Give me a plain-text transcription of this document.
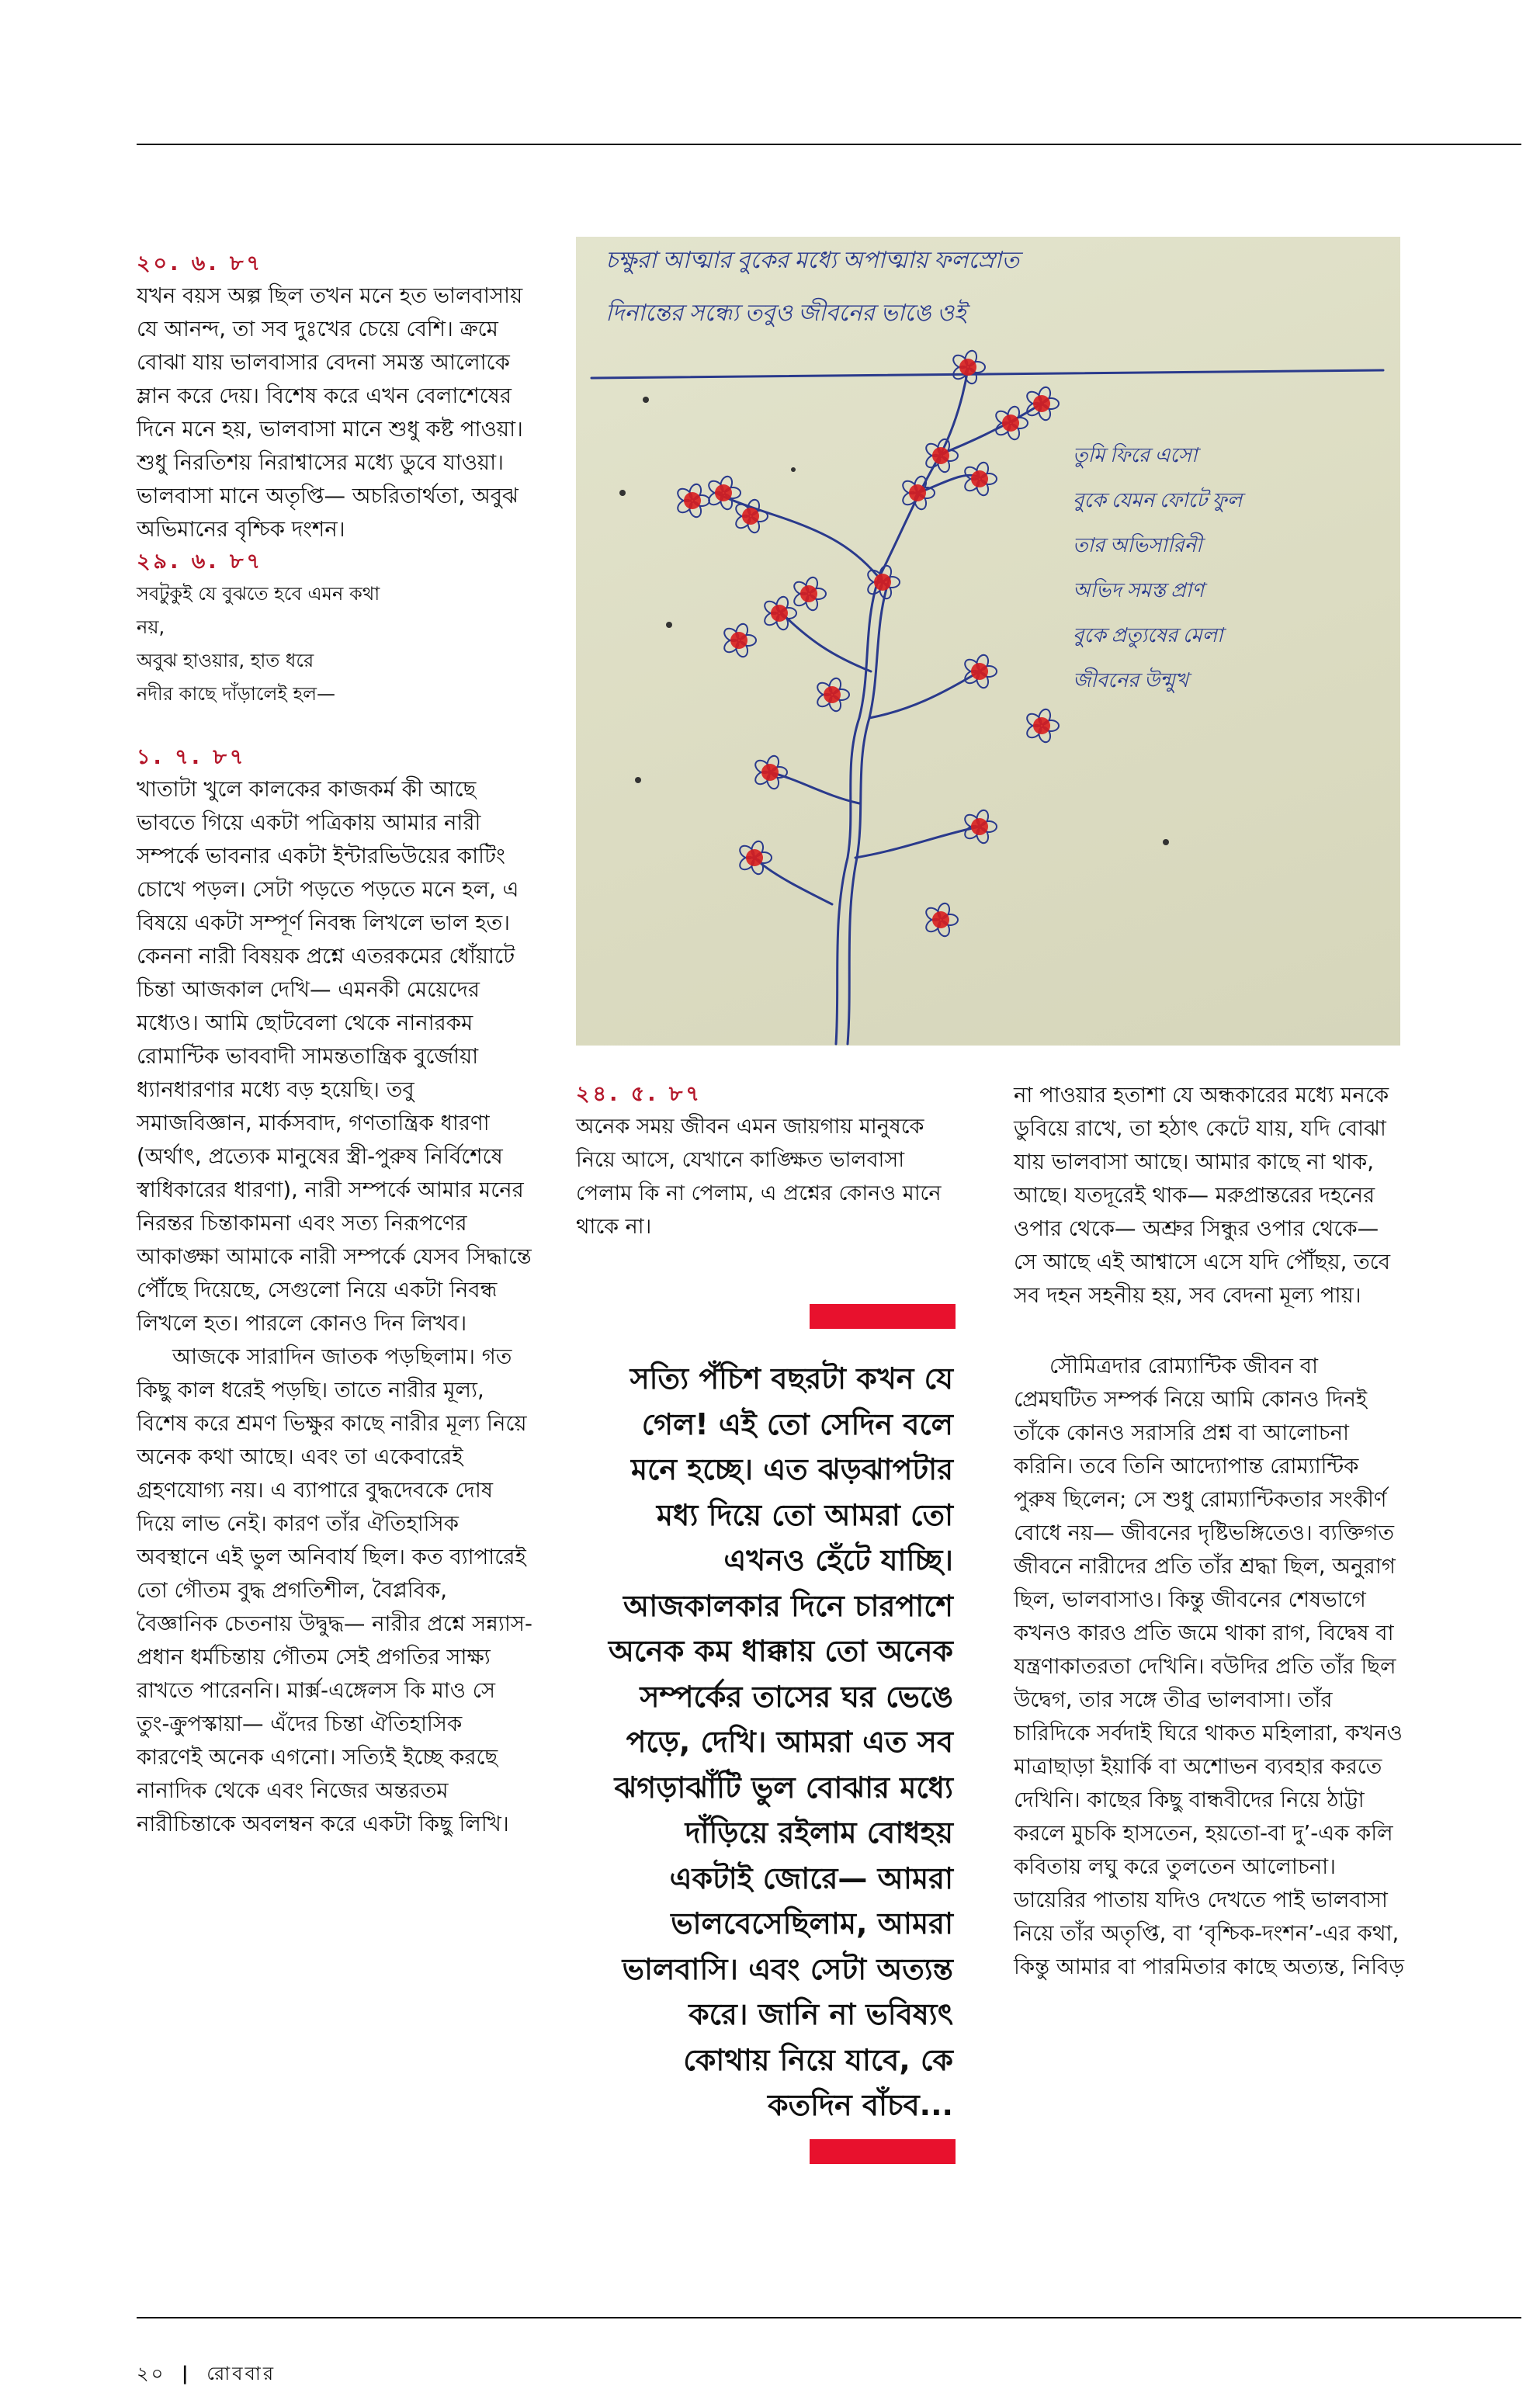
২০. ৬. ৮৭

যখন বয়স অল্প ছিল তখন মনে হত ভালবাসায় যে আনন্দ, তা সব দুঃখের চেয়ে বেশি। ক্রমে বোঝা যায় ভালবাসার বেদনা সমস্ত আলোকে ম্লান করে দেয়। বিশেষ করে এখন বেলাশেষের দিনে মনে হয়, ভালবাসা মানে শুধু কষ্ট পাওয়া। শুধু নিরতিশয় নিরাশ্বাসের মধ্যে ডুবে যাওয়া। ভালবাসা মানে অতৃপ্তি— অচরিতার্থতা, অবুঝ অভিমানের বৃশ্চিক দংশন।

২৯. ৬. ৮৭

সবটুকুই যে বুঝতে হবে এমন কথা

নয়,

অবুঝ হাওয়ার, হাত ধরে

নদীর কাছে দাঁড়ালেই হল—

১. ৭. ৮৭

খাতাটা খুলে কালকের কাজকর্ম কী আছে ভাবতে গিয়ে একটা পত্রিকায় আমার নারী সম্পর্কে ভাবনার একটা ইন্টারভিউয়ের কাটিং চোখে পড়ল। সেটা পড়তে পড়তে মনে হল, এ বিষয়ে একটা সম্পূর্ণ নিবন্ধ লিখলে ভাল হত। কেননা নারী বিষয়ক প্রশ্নে এতরকমের ধোঁয়াটে চিন্তা আজকাল দেখি— এমনকী মেয়েদের মধ্যেও। আমি ছোটবেলা থেকে নানারকম রোমান্টিক ভাববাদী সামন্ততান্ত্রিক বুর্জোয়া ধ্যানধারণার মধ্যে বড় হয়েছি। তবু সমাজবিজ্ঞান, মার্কসবাদ, গণতান্ত্রিক ধারণা (অর্থাৎ, প্রত্যেক মানুষের স্ত্রী-পুরুষ নির্বিশেষে স্বাধিকারের ধারণা), নারী সম্পর্কে আমার মনের নিরন্তর চিন্তাকামনা এবং সত্য নিরূপণের আকাঙ্ক্ষা আমাকে নারী সম্পর্কে যেসব সিদ্ধান্তে পৌঁছে দিয়েছে, সেগুলো নিয়ে একটা নিবন্ধ লিখলে হত। পারলে কোনও দিন লিখব।

আজকে সারাদিন জাতক পড়ছিলাম। গত কিছু কাল ধরেই পড়ছি। তাতে নারীর মূল্য, বিশেষ করে শ্রমণ ভিক্ষুর কাছে নারীর মূল্য নিয়ে অনেক কথা আছে। এবং তা একেবারেই গ্রহণযোগ্য নয়। এ ব্যাপারে বুদ্ধদেবকে দোষ দিয়ে লাভ নেই। কারণ তাঁর ঐতিহাসিক অবস্থানে এই ভুল অনিবার্য ছিল। কত ব্যাপারেই তো গৌতম বুদ্ধ প্রগতিশীল, বৈপ্লবিক, বৈজ্ঞানিক চেতনায় উদ্বুদ্ধ— নারীর প্রশ্নে সন্ন্যাস-প্রধান ধর্মচিন্তায় গৌতম সেই প্রগতির সাক্ষ্য রাখতে পারেননি। মার্ক্স-এঙ্গেলস কি মাও সে তুং-ক্রুপস্কায়া— এঁদের চিন্তা ঐতিহাসিক কারণেই অনেক এগনো। সত্যিই ইচ্ছে করছে নানাদিক থেকে এবং নিজের অন্তরতম নারীচিন্তাকে অবলম্বন করে একটা কিছু লিখি।

চক্ষুরা আত্মার বুকের মধ্যে অপাত্মায় ফলস্রোত
দিনান্তের সন্ধ্যে তবুও জীবনের ভাঙে ওই
তুমি ফিরে এসো
বুকে যেমন ফোটে ফুল
তার অভিসারিনী
অভিদ সমস্ত প্রাণ
বুকে প্রত্যুষের মেলা
জীবনের উন্মুখ

২৪. ৫. ৮৭

অনেক সময় জীবন এমন জায়গায় মানুষকে নিয়ে আসে, যেখানে কাঙ্ক্ষিত ভালবাসা পেলাম কি না পেলাম, এ প্রশ্নের কোনও মানে থাকে না।

সত্যি পঁচিশ বছরটা কখন যে গেল! এই তো সেদিন বলে মনে হচ্ছে। এত ঝড়ঝাপটার মধ্য দিয়ে তো আমরা তো এখনও হেঁটে যাচ্ছি। আজকালকার দিনে চারপাশে অনেক কম ধাক্কায় তো অনেক সম্পর্কের তাসের ঘর ভেঙে পড়ে, দেখি। আমরা এত সব ঝগড়াঝাঁটি ভুল বোঝার মধ্যে দাঁড়িয়ে রইলাম বোধহয় একটাই জোরে— আমরা ভালবেসেছিলাম, আমরা ভালবাসি। এবং সেটা অত্যন্ত করে। জানি না ভবিষ্যৎ কোথায় নিয়ে যাবে, কে কতদিন বাঁচব...

না পাওয়ার হতাশা যে অন্ধকারের মধ্যে মনকে ডুবিয়ে রাখে, তা হঠাৎ কেটে যায়, যদি বোঝা যায় ভালবাসা আছে। আমার কাছে না থাক, আছে। যতদূরেই থাক— মরুপ্রান্তরের দহনের ওপার থেকে— অশ্রুর সিন্ধুর ওপার থেকে— সে আছে এই আশ্বাসে এসে যদি পৌঁছয়, তবে সব দহন সহনীয় হয়, সব বেদনা মূল্য পায়।

সৌমিত্রদার রোম্যান্টিক জীবন বা প্রেমঘটিত সম্পর্ক নিয়ে আমি কোনও দিনই তাঁকে কোনও সরাসরি প্রশ্ন বা আলোচনা করিনি। তবে তিনি আদ্যোপান্ত রোম্যান্টিক পুরুষ ছিলেন; সে শুধু রোম্যান্টিকতার সংকীর্ণ বোধে নয়— জীবনের দৃষ্টিভঙ্গিতেও। ব্যক্তিগত জীবনে নারীদের প্রতি তাঁর শ্রদ্ধা ছিল, অনুরাগ ছিল, ভালবাসাও। কিন্তু জীবনের শেষভাগে কখনও কারও প্রতি জমে থাকা রাগ, বিদ্বেষ বা যন্ত্রণাকাতরতা দেখিনি। বউদির প্রতি তাঁর ছিল উদ্বেগ, তার সঙ্গে তীব্র ভালবাসা। তাঁর চারিদিকে সর্বদাই ঘিরে থাকত মহিলারা, কখনও মাত্রাছাড়া ইয়ার্কি বা অশোভন ব্যবহার করতে দেখিনি। কাছের কিছু বান্ধবীদের নিয়ে ঠাট্টা করলে মুচকি হাসতেন, হয়তো-বা দু’-এক কলি কবিতায় লঘু করে তুলতেন আলোচনা। ডায়েরির পাতায় যদিও দেখতে পাই ভালবাসা নিয়ে তাঁর অতৃপ্তি, বা ‘বৃশ্চিক-দংশন’-এর কথা, কিন্তু আমার বা পারমিতার কাছে অত্যন্ত, নিবিড়

২০ | রোববার
